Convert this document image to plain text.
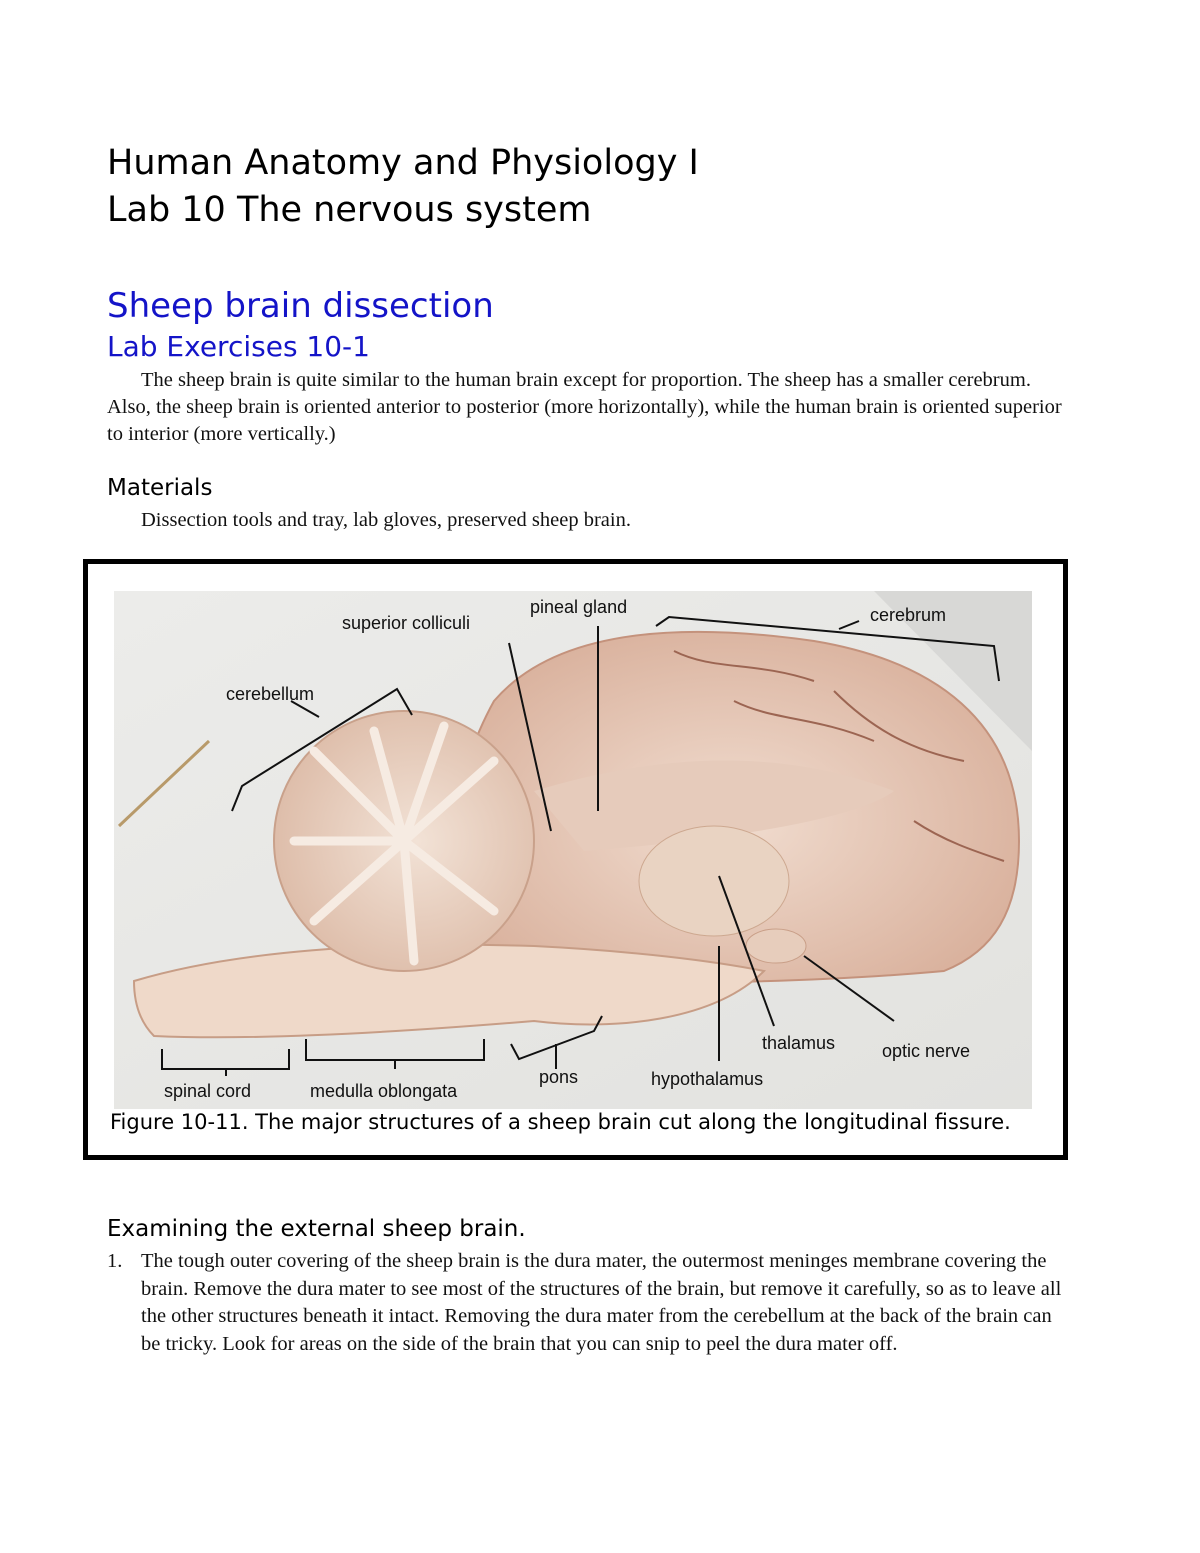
Human Anatomy and Physiology I
Lab 10 The nervous system
Sheep brain dissection
Lab Exercises 10-1
The sheep brain is quite similar to the human brain except for proportion. The sheep has a smaller cerebrum. Also, the sheep brain is oriented anterior to posterior (more horizontally), while the human brain is oriented superior to interior (more vertically.)
Materials
Dissection tools and tray, lab gloves, preserved sheep brain.
superior colliculi
pineal gland	cerebrum
cerebellum
thalamus	optic nerve
spinal cord	medulla oblongata
pons	hypothalamus
Figure 10-11. The major structures of a sheep brain cut along the longitudinal fissure.
Examining the external sheep brain.
1. The tough outer covering of the sheep brain is the dura mater, the outermost meninges membrane covering the brain. Remove the dura mater to see most of the structures of the brain, but remove it carefully, so as to leave all the other structures beneath it intact. Removing the dura mater from the cerebellum at the back of the brain can be tricky. Look for areas on the side of the brain that you can snip to peel the dura mater off.
